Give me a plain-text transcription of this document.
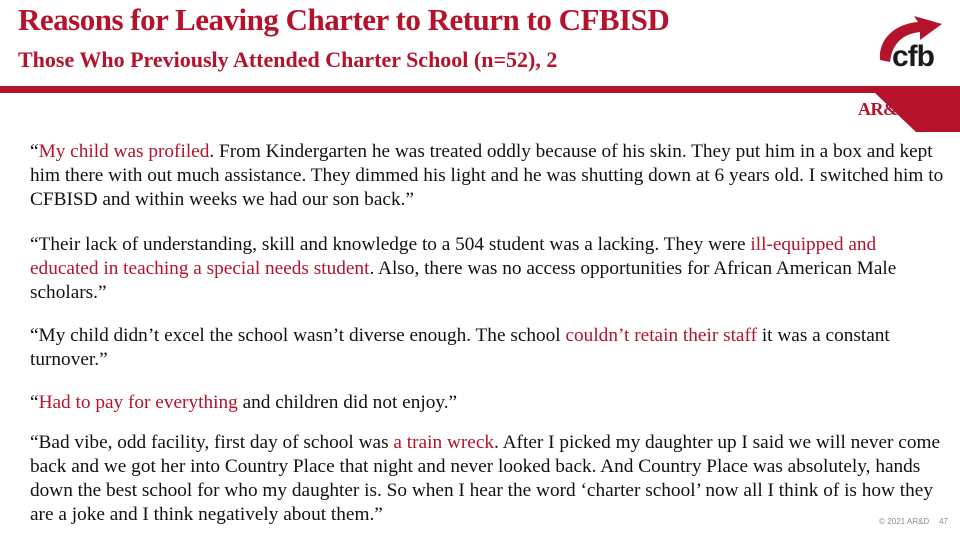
Reasons for Leaving Charter to Return to CFBISD
Those Who Previously Attended Charter School (n=52), 2	cfb
AR&D

“My child was profiled. From Kindergarten he was treated oddly because of his skin. They put him in a box and kept him there with out much assistance. They dimmed his light and he was shutting down at 6 years old. I switched him to CFBISD and within weeks we had our son back.”

“Their lack of understanding, skill and knowledge to a 504 student was a lacking. They were ill-equipped and educated in teaching a special needs student. Also, there was no access opportunities for African American Male scholars.”

“My child didn’t excel the school wasn’t diverse enough. The school couldn’t retain their staff it was a constant turnover.”

“Had to pay for everything and children did not enjoy.”

“Bad vibe, odd facility, first day of school was a train wreck. After I picked my daughter up I said we will never come back and we got her into Country Place that night and never looked back. And Country Place was absolutely, hands down the best school for who my daughter is. So when I hear the word ‘charter school’ now all I think of is how they are a joke and I think negatively about them.”	© 2021 AR&D 47
